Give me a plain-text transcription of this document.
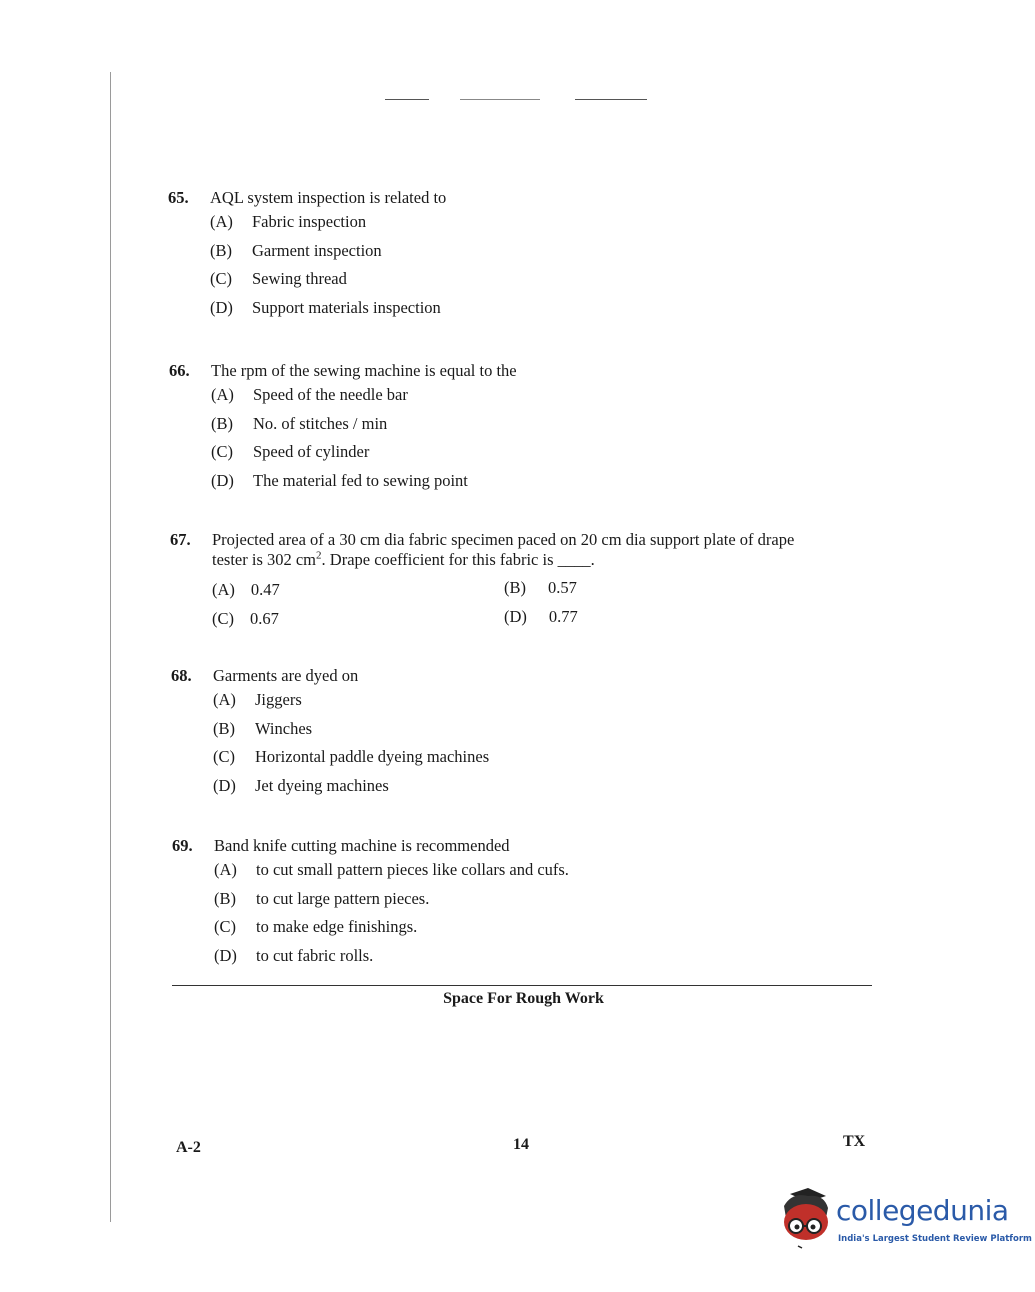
65. AQL system inspection is related to
(A) Fabric inspection
(B) Garment inspection
(C) Sewing thread
(D) Support materials inspection
66. The rpm of the sewing machine is equal to the
(A) Speed of the needle bar
(B) No. of stitches / min
(C) Speed of cylinder
(D) The material fed to sewing point
67. Projected area of a 30 cm dia fabric specimen paced on 20 cm dia support plate of drape
tester is 302 $cm^2$. Drape coefficient for this fabric is ____.
(A) 0.47	(B) 0.57
(C) 0.67	(D) 0.77
68. Garments are dyed on
(A) Jiggers
(B) Winches
(C) Horizontal paddle dyeing machines
(D) Jet dyeing machines
69. Band knife cutting machine is recommended
(A) to cut small pattern pieces like collars and cufs.
(B) to cut large pattern pieces.
(C) to make edge finishings.
(D) to cut fabric rolls.
Space For Rough Work
A-2	14	TX
collegedunia
India's Largest Student Review Platform
